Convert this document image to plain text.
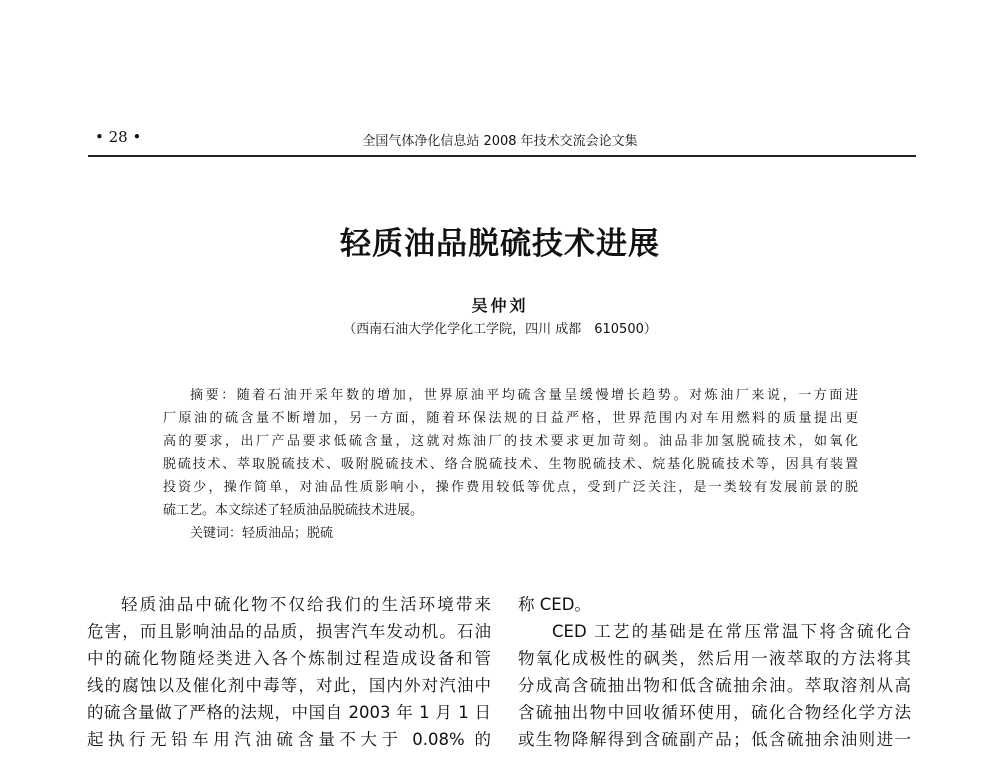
• 28 •	全国气体净化信息站 2008 年技术交流会论文集
轻质油品脱硫技术进展
吴仲刘
（西南石油大学化学化工学院，四川 成都　610500）
摘要：随着石油开采年数的增加，世界原油平均硫含量呈缓慢增长趋势。对炼油厂来说，一方面进
厂原油的硫含量不断增加，另一方面，随着环保法规的日益严格，世界范围内对车用燃料的质量提出更
高的要求，出厂产品要求低硫含量，这就对炼油厂的技术要求更加苛刻。油品非加氢脱硫技术，如氧化
脱硫技术、萃取脱硫技术、吸附脱硫技术、络合脱硫技术、生物脱硫技术、烷基化脱硫技术等，因具有装置
投资少，操作简单，对油品性质影响小，操作费用较低等优点，受到广泛关注，是一类较有发展前景的脱
硫工艺。本文综述了轻质油品脱硫技术进展。
关键词：轻质油品；脱硫
轻质油品中硫化物不仅给我们的生活环境带来
危害，而且影响油品的品质，损害汽车发动机。石油
中的硫化物随烃类进入各个炼制过程造成设备和管
线的腐蚀以及催化剂中毒等，对此，国内外对汽油中
的硫含量做了严格的法规，中国自 2003 年 1 月 1 日
起执行无铅车用汽油硫含量不大于 0.08% 的
称 CED。
CED 工艺的基础是在常压常温下将含硫化合
物氧化成极性的砜类，然后用一液萃取的方法将其
分成高含硫抽出物和低含硫抽余油。萃取溶剂从高
含硫抽出物中回收循环使用，硫化合物经化学方法
或生物降解得到含硫副产品；低含硫抽余油则进一
